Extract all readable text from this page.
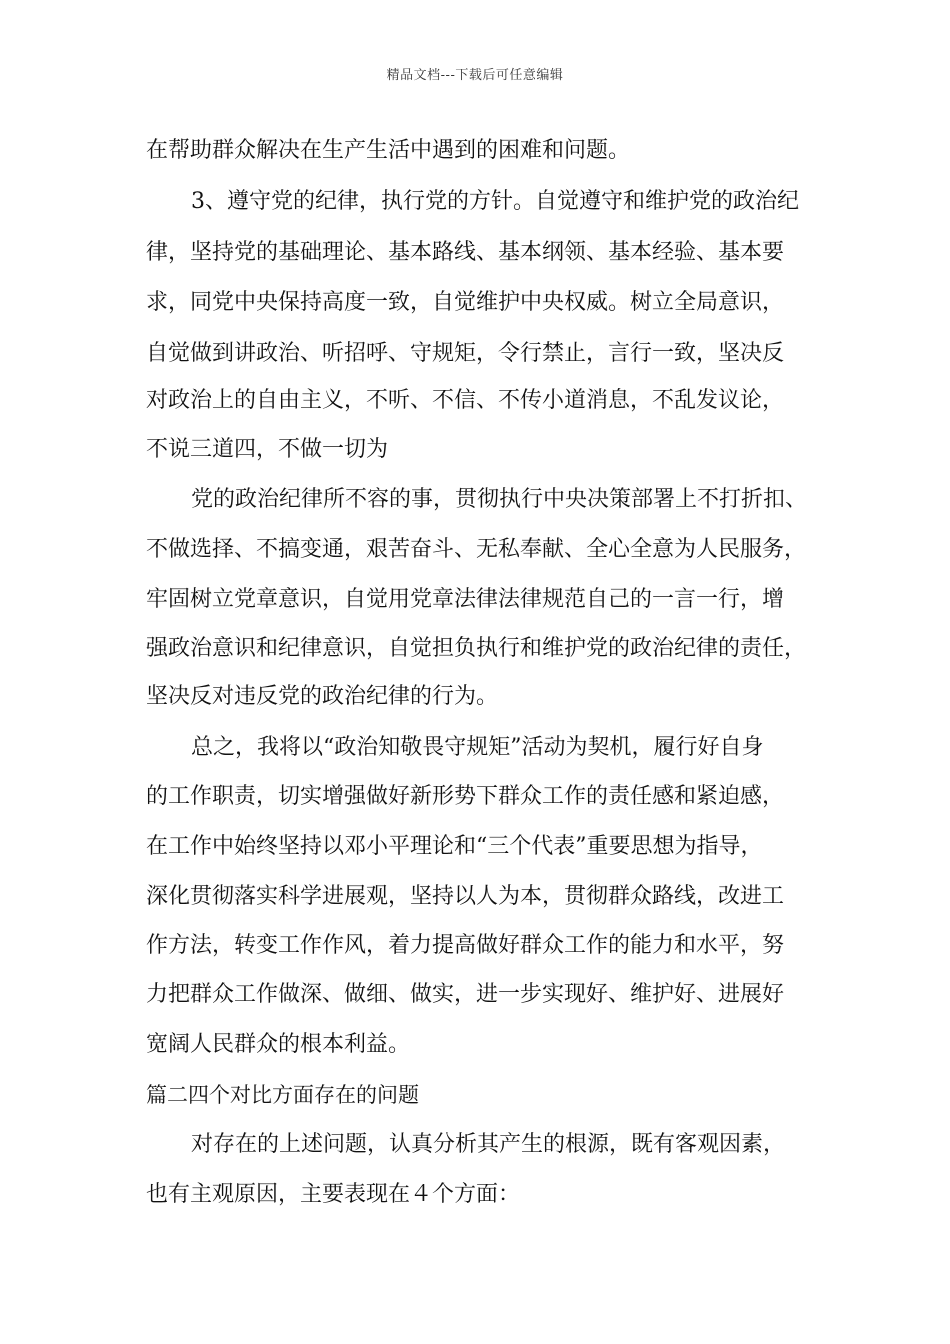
精品文档---下载后可任意编辑
在帮助群众解决在生产生活中遇到的困难和问题。
3、遵守党的纪律，执行党的方针。自觉遵守和维护党的政治纪
律，坚持党的基础理论、基本路线、基本纲领、基本经验、基本要
求，同党中央保持高度一致，自觉维护中央权威。树立全局意识，
自觉做到讲政治、听招呼、守规矩，令行禁止，言行一致，坚决反
对政治上的自由主义，不听、不信、不传小道消息，不乱发议论，
不说三道四，不做一切为
党的政治纪律所不容的事，贯彻执行中央决策部署上不打折扣、
不做选择、不搞变通，艰苦奋斗、无私奉献、全心全意为人民服务，
牢固树立党章意识，自觉用党章法律法律规范自己的一言一行，增
强政治意识和纪律意识，自觉担负执行和维护党的政治纪律的责任，
坚决反对违反党的政治纪律的行为。
总之，我将以“政治知敬畏守规矩”活动为契机，履行好自身
的工作职责，切实增强做好新形势下群众工作的责任感和紧迫感，
在工作中始终坚持以邓小平理论和“三个代表”重要思想为指导，
深化贯彻落实科学进展观，坚持以人为本，贯彻群众路线，改进工
作方法，转变工作作风，着力提高做好群众工作的能力和水平，努
力把群众工作做深、做细、做实，进一步实现好、维护好、进展好
宽阔人民群众的根本利益。
篇二四个对比方面存在的问题
对存在的上述问题，认真分析其产生的根源，既有客观因素，
也有主观原因，主要表现在４个方面：
